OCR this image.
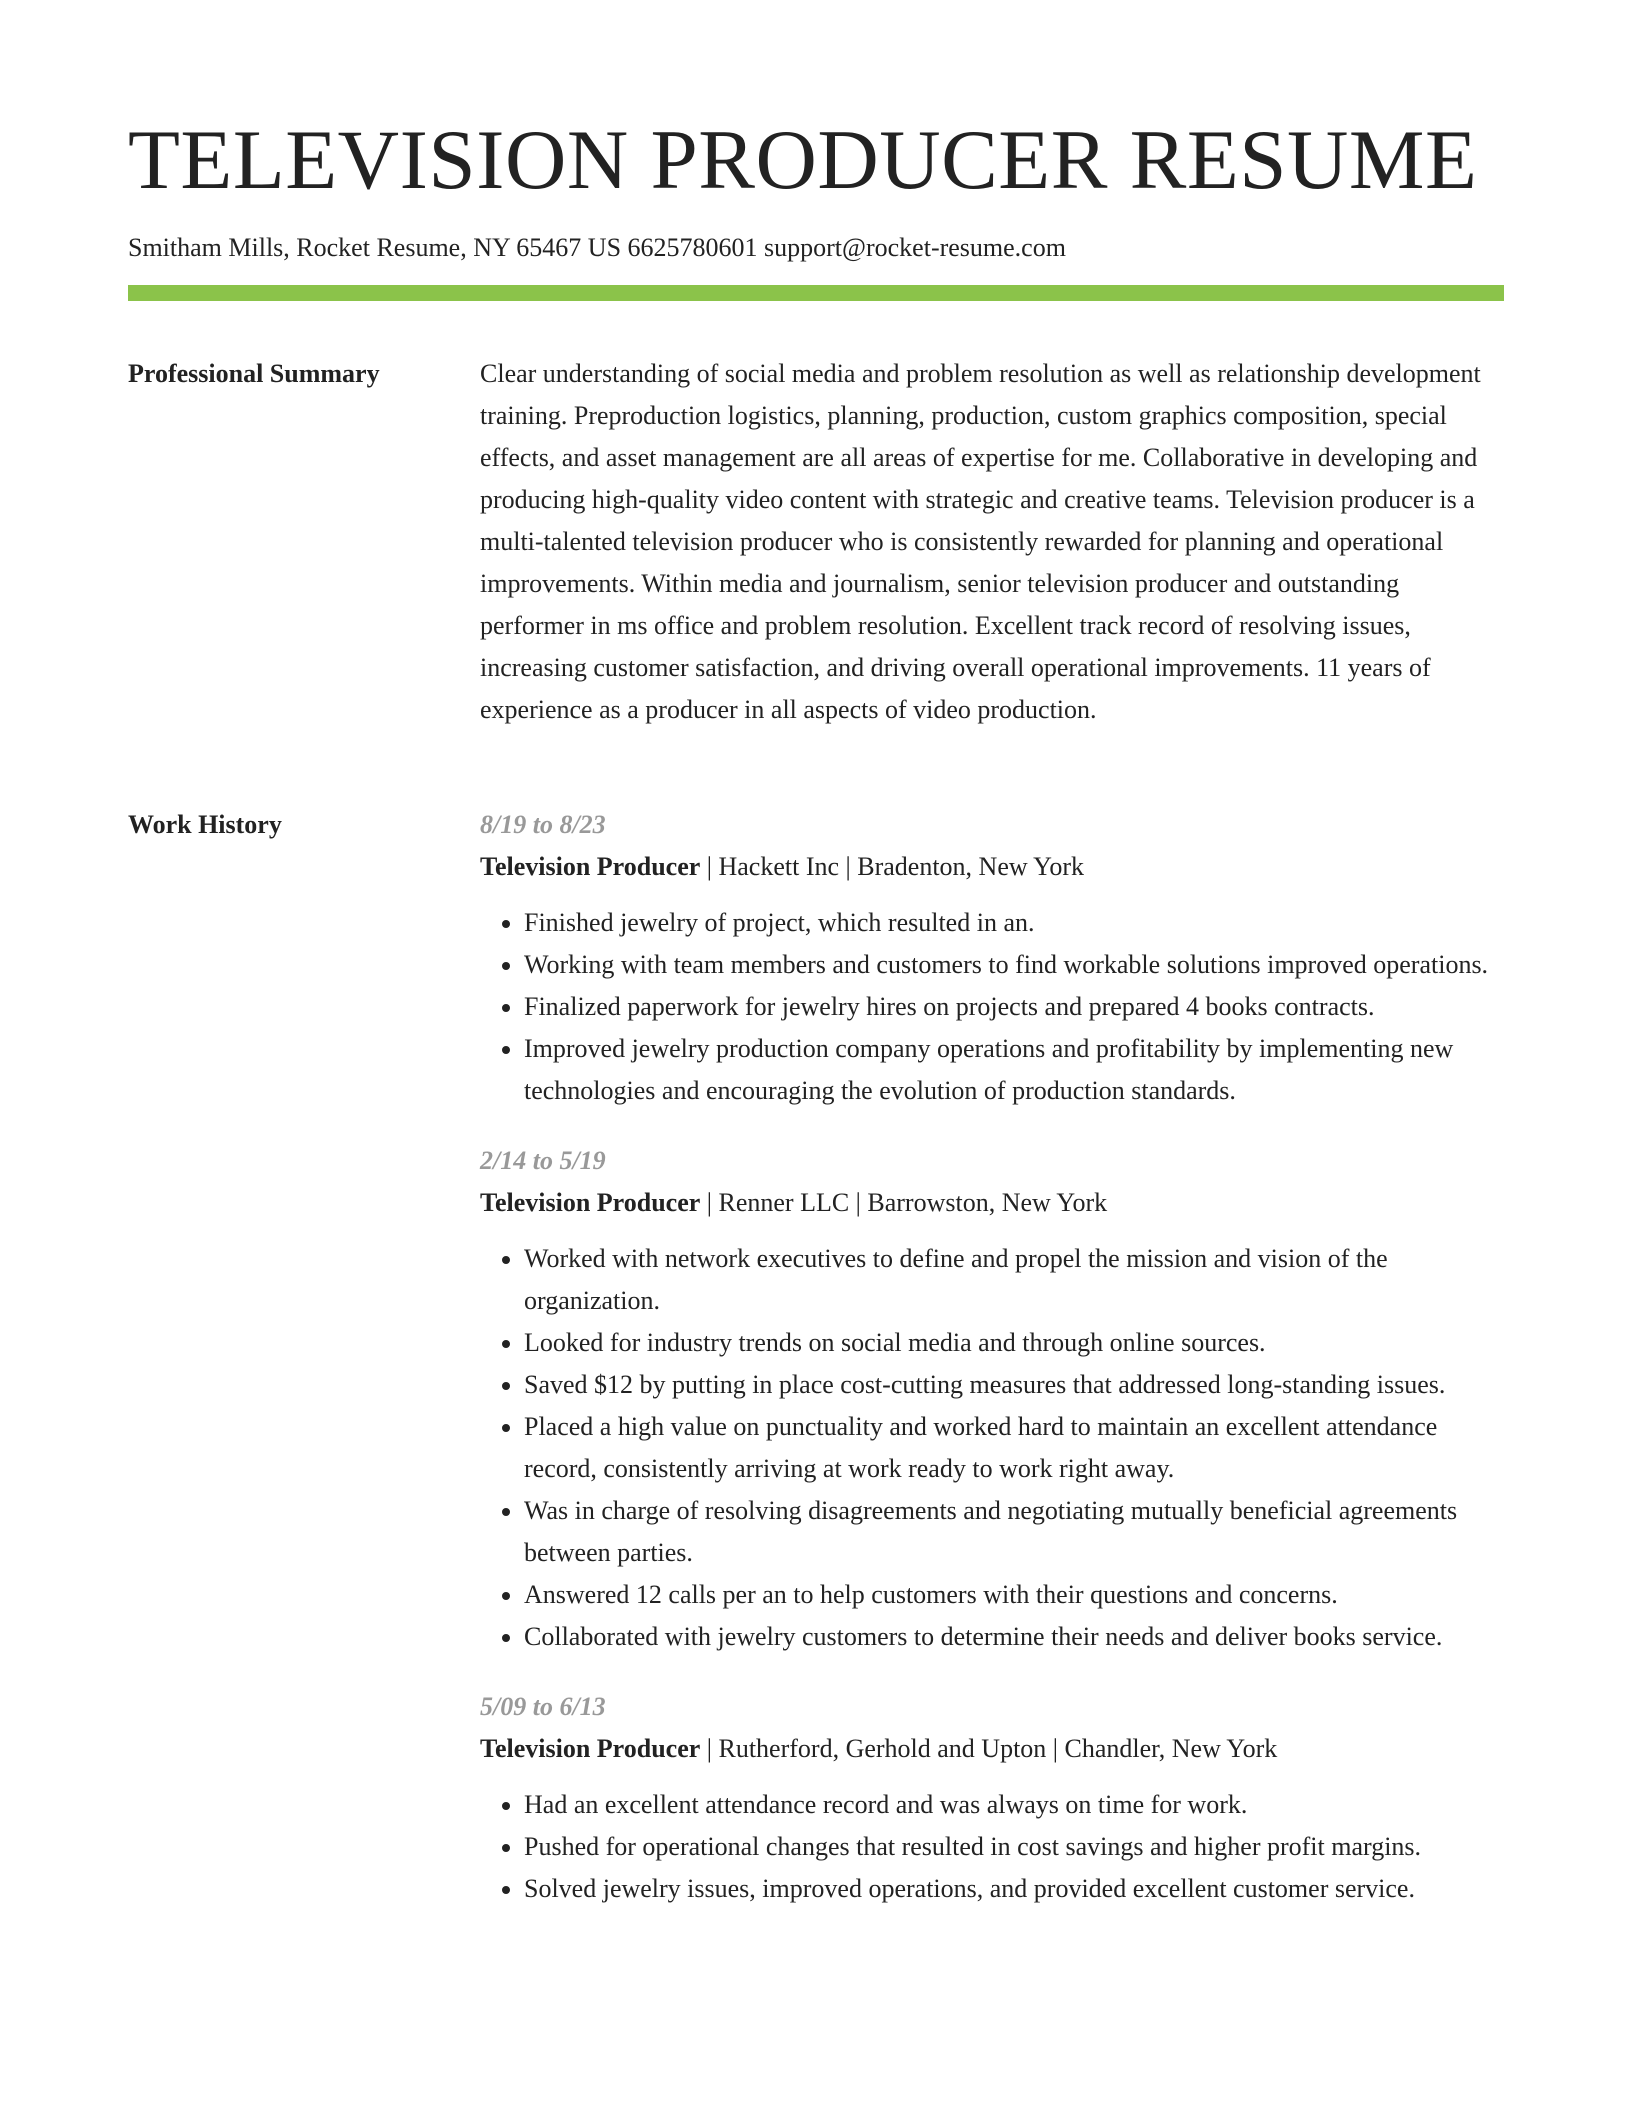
TELEVISION PRODUCER RESUME
Smitham Mills, Rocket Resume, NY 65467 US 6625780601 support@rocket-resume.com
Professional Summary	Clear understanding of social media and problem resolution as well as relationship development training. Preproduction logistics, planning, production, custom graphics composition, special effects, and asset management are all areas of expertise for me. Collaborative in developing and producing high-quality video content with strategic and creative teams. Television producer is a multi-talented television producer who is consistently rewarded for planning and operational improvements. Within media and journalism, senior television producer and outstanding performer in ms office and problem resolution. Excellent track record of resolving issues, increasing customer satisfaction, and driving overall operational improvements. 11 years of experience as a producer in all aspects of video production.

Work History	8/19 to 8/23
Television Producer | Hackett Inc | Bradenton, New York
• Finished jewelry of project, which resulted in an.
• Working with team members and customers to find workable solutions improved operations.
• Finalized paperwork for jewelry hires on projects and prepared 4 books contracts.
• Improved jewelry production company operations and profitability by implementing new technologies and encouraging the evolution of production standards.
2/14 to 5/19
Television Producer | Renner LLC | Barrowston, New York
• Worked with network executives to define and propel the mission and vision of the organization.
• Looked for industry trends on social media and through online sources.
• Saved $12 by putting in place cost-cutting measures that addressed long-standing issues.
• Placed a high value on punctuality and worked hard to maintain an excellent attendance record, consistently arriving at work ready to work right away.
• Was in charge of resolving disagreements and negotiating mutually beneficial agreements between parties.
• Answered 12 calls per an to help customers with their questions and concerns.
• Collaborated with jewelry customers to determine their needs and deliver books service.
5/09 to 6/13
Television Producer | Rutherford, Gerhold and Upton | Chandler, New York
• Had an excellent attendance record and was always on time for work.
• Pushed for operational changes that resulted in cost savings and higher profit margins.
• Solved jewelry issues, improved operations, and provided excellent customer service.
